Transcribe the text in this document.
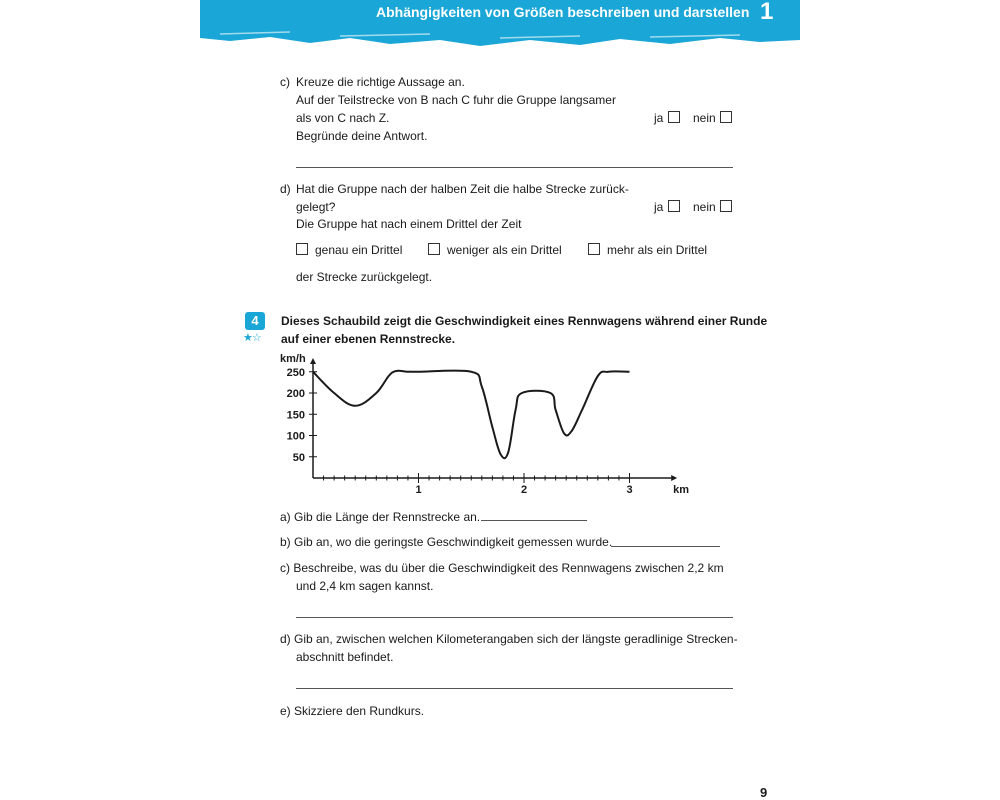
Abhängigkeiten von Größen beschreiben und darstellen 1
c) Kreuze die richtige Aussage an.
Auf der Teilstrecke von B nach C fuhr die Gruppe langsamer
als von C nach Z.	ja nein
Begründe deine Antwort.
d) Hat die Gruppe nach der halben Zeit die halbe Strecke zurück-
gelegt?	ja nein
Die Gruppe hat nach einem Drittel der Zeit
genau ein Drittel	weniger als ein Drittel	mehr als ein Drittel
der Strecke zurückgelegt.
4
★☆
Dieses Schaubild zeigt die Geschwindigkeit eines Rennwagens während einer Runde
auf einer ebenen Rennstrecke.
km/h
km
50
100
150
200
250
1	2	3
a) Gib die Länge der Rennstrecke an.
b) Gib an, wo die geringste Geschwindigkeit gemessen wurde.
c) Beschreibe, was du über die Geschwindigkeit des Rennwagens zwischen 2,2 km
und 2,4 km sagen kannst.
d) Gib an, zwischen welchen Kilometerangaben sich der längste geradlinige Strecken-
abschnitt befindet.
e) Skizziere den Rundkurs.
9
